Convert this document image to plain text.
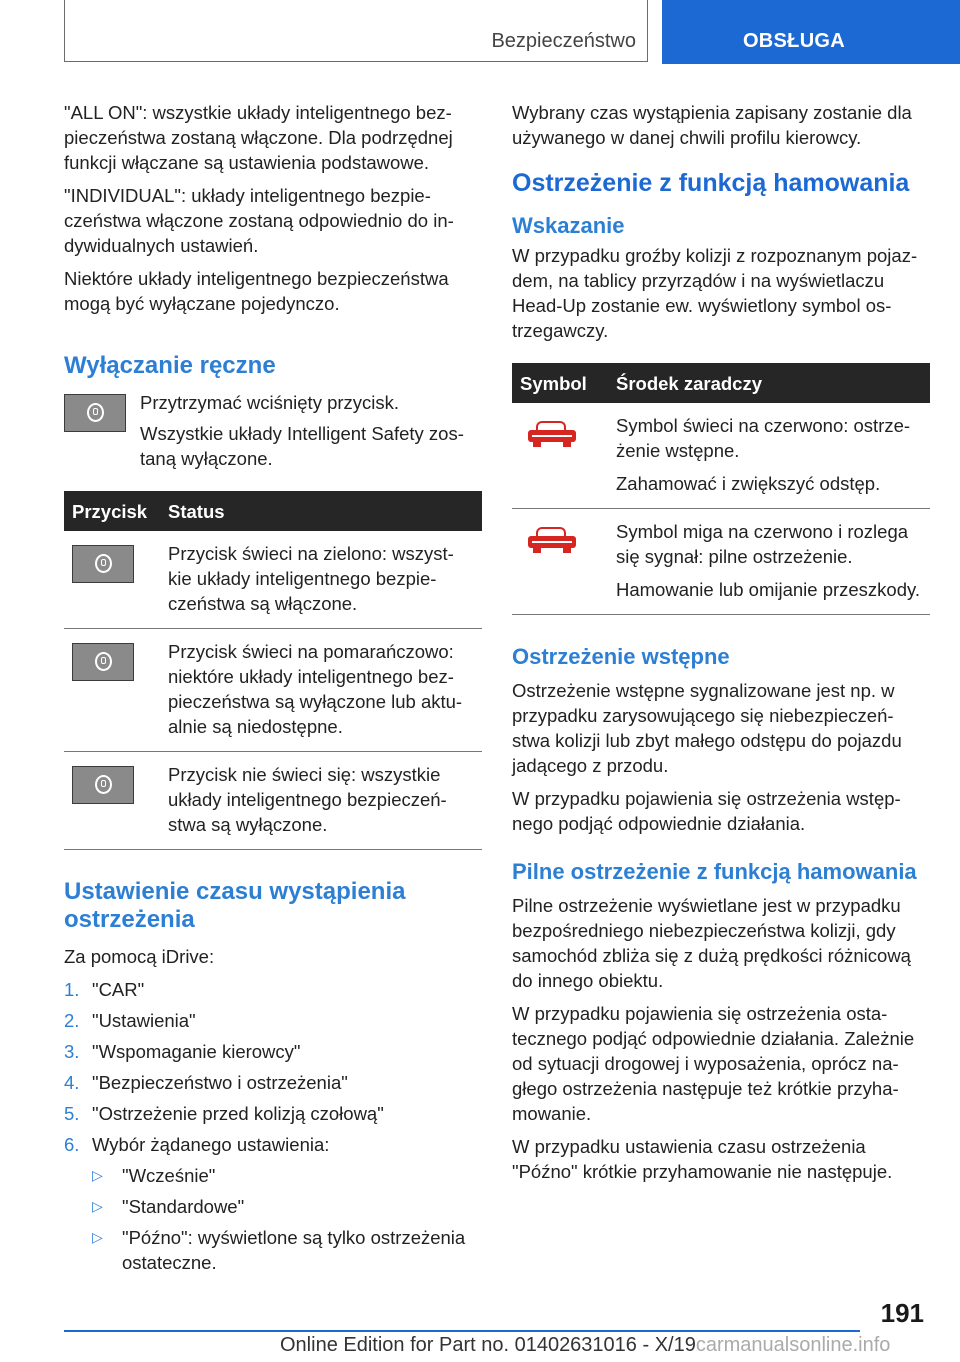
Bezpieczeństwo	OBSŁUGA

"ALL ON": wszystkie układy inteligentnego bez-pieczeństwa zostaną włączone. Dla podrzędnej funkcji włączane są ustawienia podstawowe.

"INDIVIDUAL": układy inteligentnego bezpie-czeństwa włączone zostaną odpowiednio do in-dywidualnych ustawień.

Niektóre układy inteligentnego bezpieczeństwa mogą być wyłączane pojedynczo.

Wyłączanie ręczne

Przytrzymać wciśnięty przycisk.

Wszystkie układy Intelligent Safety zos-taną wyłączone.

Przycisk	Status

	Przycisk świeci na zielono: wszyst-kie układy inteligentnego bezpie-czeństwa są włączone.

	Przycisk świeci na pomarańczowo: niektóre układy inteligentnego bez-pieczeństwa są wyłączone lub aktu-alnie są niedostępne.

	Przycisk nie świeci się: wszystkie układy inteligentnego bezpieczeń-stwa są wyłączone.
Ustawienie czasu wystąpienia ostrzeżenia

Za pomocą iDrive:

1. "CAR"
2. "Ustawienia"
3. "Wspomaganie kierowcy"
4. "Bezpieczeństwo i ostrzeżenia"
5. "Ostrzeżenie przed kolizją czołową"
6. Wybór żądanego ustawienia:
▷ "Wcześnie"
▷ "Standardowe"
▷ "Późno": wyświetlone są tylko ostrzeżenia ostateczne.

Wybrany czas wystąpienia zapisany zostanie dla używanego w danej chwili profilu kierowcy.

Ostrzeżenie z funkcją hamowania
Wskazanie

W przypadku groźby kolizji z rozpoznanym pojaz-dem, na tablicy przyrządów i na wyświetlaczu Head-Up zostanie ew. wyświetlony symbol os-trzegawczy.

Symbol	Środek zaradczy

	Symbol świeci na czerwono: ostrze-żenie wstępne.

Zahamować i zwiększyć odstęp.

	Symbol miga na czerwono i rozlega się sygnał: pilne ostrzeżenie.

Hamowanie lub omijanie przeszkody.

Ostrzeżenie wstępne

Ostrzeżenie wstępne sygnalizowane jest np. w przypadku zarysowującego się niebezpieczeń-stwa kolizji lub zbyt małego odstępu do pojazdu jadącego z przodu.

W przypadku pojawienia się ostrzeżenia wstęp-nego podjąć odpowiednie działania.

Pilne ostrzeżenie z funkcją hamowania

Pilne ostrzeżenie wyświetlane jest w przypadku bezpośredniego niebezpieczeństwa kolizji, gdy samochód zbliża się z dużą prędkości różnicową do innego obiektu.

W przypadku pojawienia się ostrzeżenia osta-tecznego podjąć odpowiednie działania. Zależnie od sytuacji drogowej i wyposażenia, oprócz na-głego ostrzeżenia następuje też krótkie przyha-mowanie.

W przypadku ustawienia czasu ostrzeżenia "Późno" krótkie przyhamowanie nie następuje.

191
Online Edition for Part no. 01402631016 - X/19carmanualsonline.info
